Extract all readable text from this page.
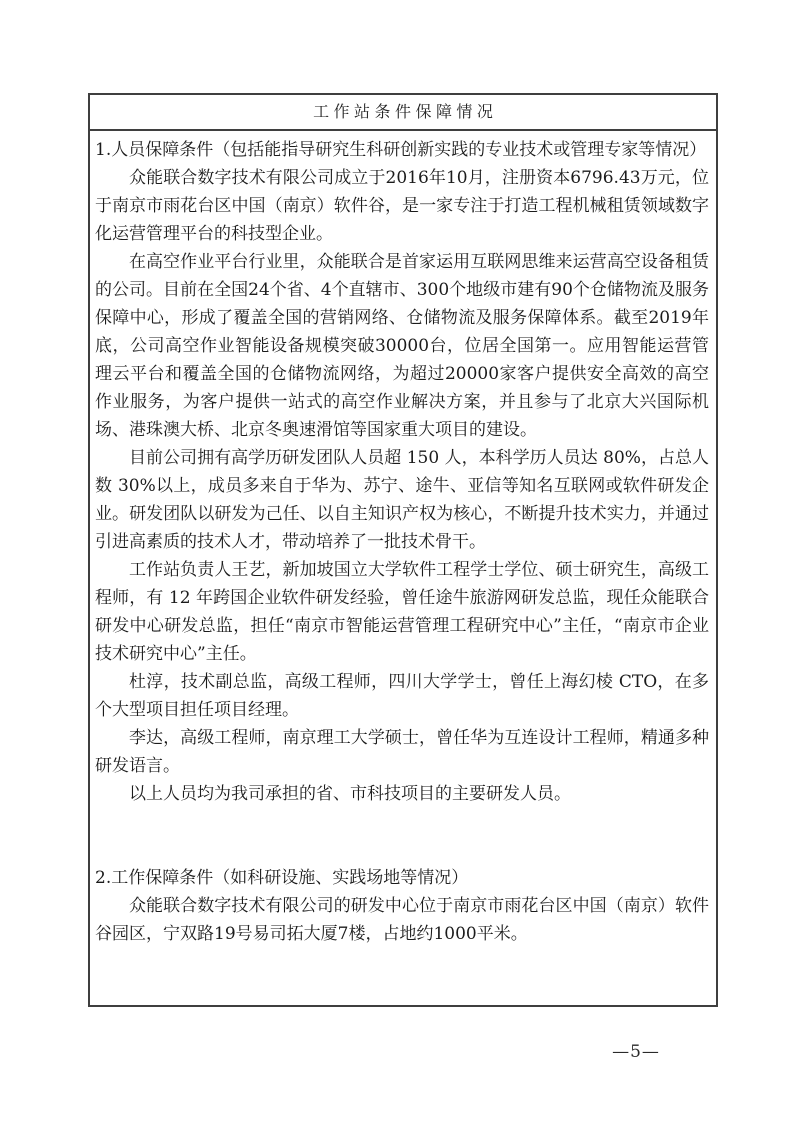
工作站条件保障情况
1.人员保障条件（包括能指导研究生科研创新实践的专业技术或管理专家等情况）

众能联合数字技术有限公司成立于2016年10月，注册资本6796.43万元，位于南京市雨花台区中国（南京）软件谷，是一家专注于打造工程机械租赁领域数字化运营管理平台的科技型企业。

在高空作业平台行业里，众能联合是首家运用互联网思维来运营高空设备租赁的公司。目前在全国24个省、4个直辖市、300个地级市建有90个仓储物流及服务保障中心，形成了覆盖全国的营销网络、仓储物流及服务保障体系。截至2019年底，公司高空作业智能设备规模突破30000台，位居全国第一。应用智能运营管理云平台和覆盖全国的仓储物流网络，为超过20000家客户提供安全高效的高空作业服务，为客户提供一站式的高空作业解决方案，并且参与了北京大兴国际机场、港珠澳大桥、北京冬奥速滑馆等国家重大项目的建设。

目前公司拥有高学历研发团队人员超 150 人，本科学历人员达 80%，占总人数 30%以上，成员多来自于华为、苏宁、途牛、亚信等知名互联网或软件研发企业。研发团队以研发为己任、以自主知识产权为核心，不断提升技术实力，并通过引进高素质的技术人才，带动培养了一批技术骨干。

工作站负责人王艺，新加坡国立大学软件工程学士学位、硕士研究生，高级工程师，有 12 年跨国企业软件研发经验，曾任途牛旅游网研发总监，现任众能联合研发中心研发总监，担任“南京市智能运营管理工程研究中心”主任，“南京市企业技术研究中心”主任。

杜淳，技术副总监，高级工程师，四川大学学士，曾任上海幻棱 CTO，在多个大型项目担任项目经理。

李达，高级工程师，南京理工大学硕士，曾任华为互连设计工程师，精通多种研发语言。

以上人员均为我司承担的省、市科技项目的主要研发人员。

2.工作保障条件（如科研设施、实践场地等情况）

众能联合数字技术有限公司的研发中心位于南京市雨花台区中国（南京）软件谷园区，宁双路19号易司拓大厦7楼，占地约1000平米。

—5—
